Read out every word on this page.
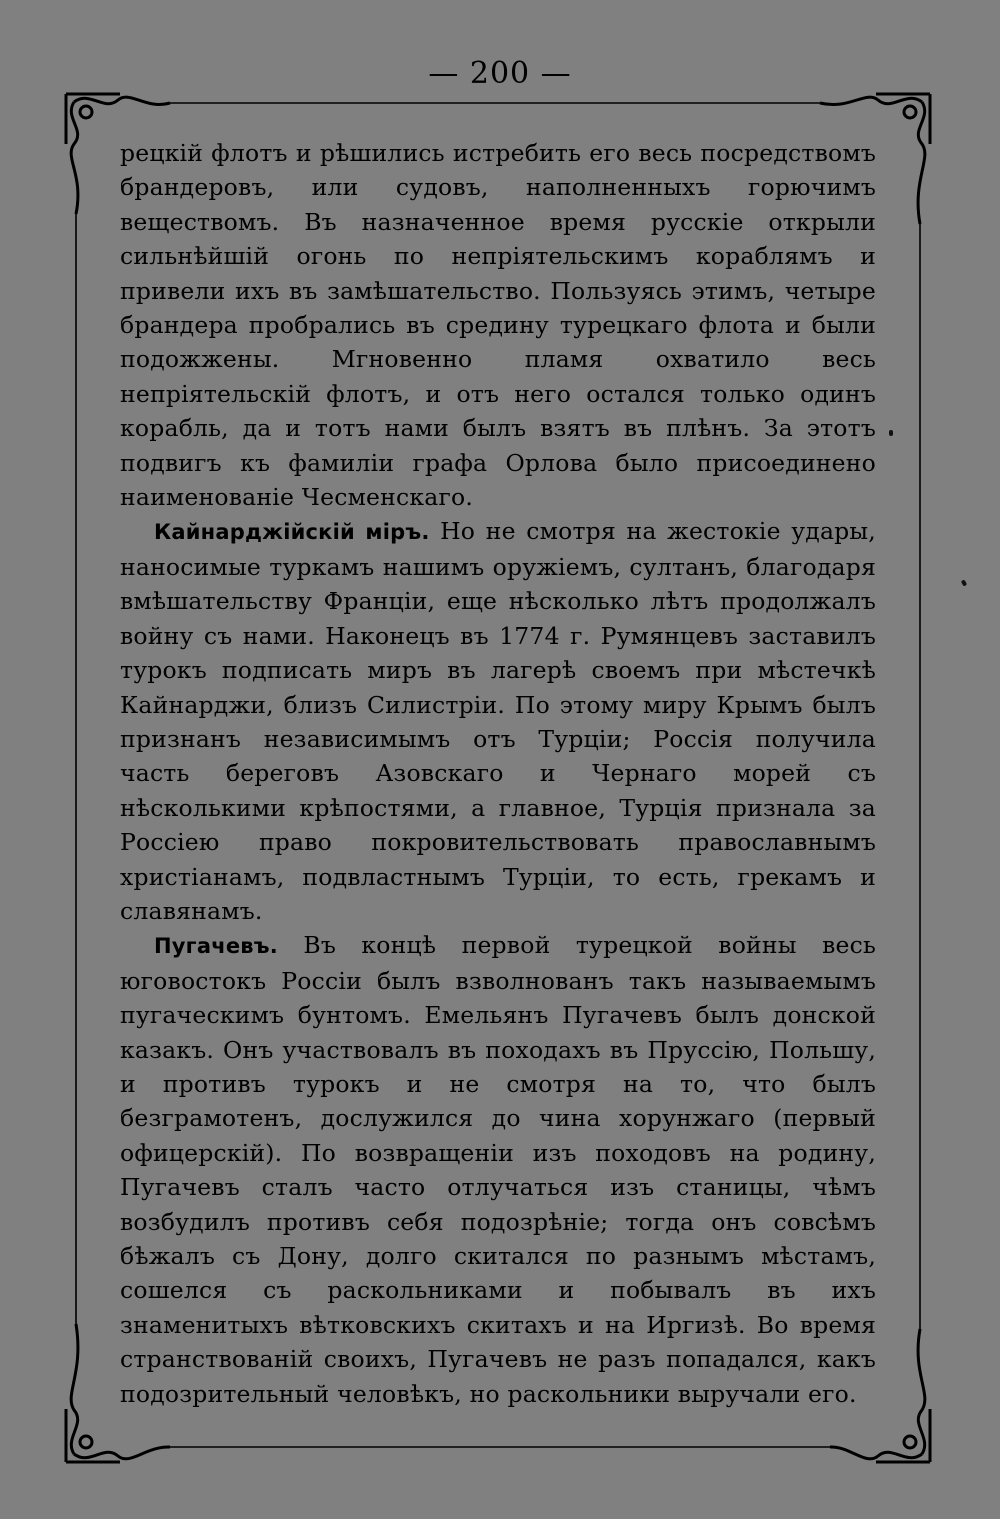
— 200 —

рецкій флотъ и рѣшились истребить его весь посредствомъ брандеровъ, или судовъ, наполненныхъ горючимъ веществомъ. Въ назначенное время русскіе открыли сильнѣйшій огонь по непріятельскимъ кораблямъ и привели ихъ въ замѣшательство. Пользуясь этимъ, четыре брандера пробрались въ средину турецкаго флота и были подожжены. Мгновенно пламя охватило весь непріятельскій флотъ, и отъ него остался только одинъ корабль, да и тотъ нами былъ взятъ въ плѣнъ. За этотъ подвигъ къ фамиліи графа Орлова было присоединено наименованіе Чесменскаго.

Кайнарджійскій міръ. Но не смотря на жестокіе удары, наносимые туркамъ нашимъ оружіемъ, султанъ, благодаря вмѣшательству Франціи, еще нѣсколько лѣтъ продолжалъ войну съ нами. Наконецъ въ 1774 г. Румянцевъ заставилъ турокъ подписать миръ въ лагерѣ своемъ при мѣстечкѣ Кайнарджи, близъ Силистріи. По этому миру Крымъ былъ признанъ независимымъ отъ Турціи; Россія получила часть береговъ Азовскаго и Чернаго морей съ нѣсколькими крѣпостями, а главное, Турція признала за Россіею право покровительствовать православнымъ христіанамъ, подвластнымъ Турціи, то есть, грекамъ и славянамъ.

Пугачевъ. Въ концѣ первой турецкой войны весь юговостокъ Россіи былъ взволнованъ такъ называемымъ пугаческимъ бунтомъ. Емельянъ Пугачевъ былъ донской казакъ. Онъ участвовалъ въ походахъ въ Пруссію, Польшу, и противъ турокъ и не смотря на то, что былъ безграмотенъ, дослужился до чина хорунжаго (первый офицерскій). По возвращеніи изъ походовъ на родину, Пугачевъ сталъ часто отлучаться изъ станицы, чѣмъ возбудилъ противъ себя подозрѣніе; тогда онъ совсѣмъ бѣжалъ съ Дону, долго скитался по разнымъ мѣстамъ, сошелся съ раскольниками и побывалъ въ ихъ знаменитыхъ вѣтковскихъ скитахъ и на Иргизѣ. Во время странствованій своихъ, Пугачевъ не разъ попадался, какъ подозрительный человѣкъ, но раскольники выручали его.
